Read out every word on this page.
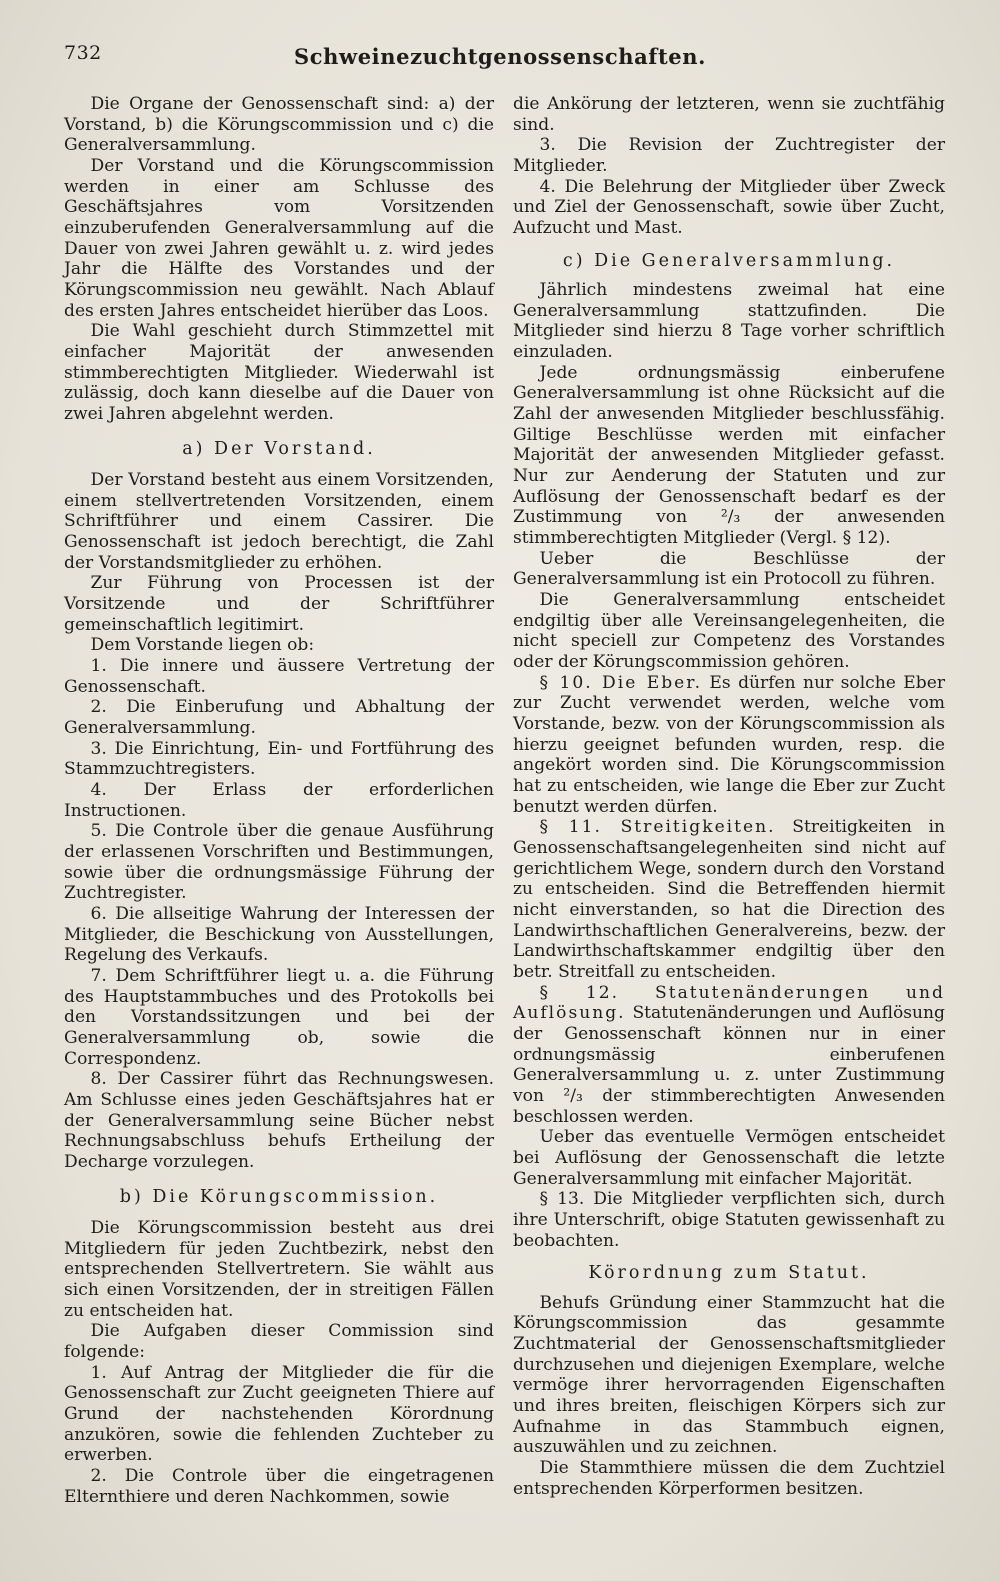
732	Schweinezuchtgenossenschaften.

Die Organe der Genossenschaft sind: a) der Vorstand, b) die Körungscommission und c) die Generalversammlung.

Der Vorstand und die Körungscommission werden in einer am Schlusse des Geschäftsjahres vom Vorsitzenden einzuberufenden Generalversammlung auf die Dauer von zwei Jahren gewählt u. z. wird jedes Jahr die Hälfte des Vorstandes und der Körungscommission neu gewählt. Nach Ablauf des ersten Jahres entscheidet hierüber das Loos.

Die Wahl geschieht durch Stimmzettel mit einfacher Majorität der anwesenden stimmberechtigten Mitglieder. Wiederwahl ist zulässig, doch kann dieselbe auf die Dauer von zwei Jahren abgelehnt werden.

a) Der Vorstand.

Der Vorstand besteht aus einem Vorsitzenden, einem stellvertretenden Vorsitzenden, einem Schriftführer und einem Cassirer. Die Genossenschaft ist jedoch berechtigt, die Zahl der Vorstandsmitglieder zu erhöhen.

Zur Führung von Processen ist der Vorsitzende und der Schriftführer gemeinschaftlich legitimirt.

Dem Vorstande liegen ob:

1. Die innere und äussere Vertretung der Genossenschaft.

2. Die Einberufung und Abhaltung der Generalversammlung.

3. Die Einrichtung, Ein- und Fortführung des Stammzuchtregisters.

4. Der Erlass der erforderlichen Instructionen.

5. Die Controle über die genaue Ausführung der erlassenen Vorschriften und Bestimmungen, sowie über die ordnungsmässige Führung der Zuchtregister.

6. Die allseitige Wahrung der Interessen der Mitglieder, die Beschickung von Ausstellungen, Regelung des Verkaufs.

7. Dem Schriftführer liegt u. a. die Führung des Hauptstammbuches und des Protokolls bei den Vorstandssitzungen und bei der Generalversammlung ob, sowie die Correspondenz.

8. Der Cassirer führt das Rechnungswesen. Am Schlusse eines jeden Geschäftsjahres hat er der Generalversammlung seine Bücher nebst Rechnungsabschluss behufs Ertheilung der Decharge vorzulegen.

b) Die Körungscommission.

Die Körungscommission besteht aus drei Mitgliedern für jeden Zuchtbezirk, nebst den entsprechenden Stellvertretern. Sie wählt aus sich einen Vorsitzenden, der in streitigen Fällen zu entscheiden hat.

Die Aufgaben dieser Commission sind folgende:

1. Auf Antrag der Mitglieder die für die Genossenschaft zur Zucht geeigneten Thiere auf Grund der nachstehenden Körordnung anzukören, sowie die fehlenden Zuchteber zu erwerben.

2. Die Controle über die eingetragenen Elternthiere und deren Nachkommen, sowie

die Ankörung der letzteren, wenn sie zuchtfähig sind.

3. Die Revision der Zuchtregister der Mitglieder.

4. Die Belehrung der Mitglieder über Zweck und Ziel der Genossenschaft, sowie über Zucht, Aufzucht und Mast.

c) Die Generalversammlung.

Jährlich mindestens zweimal hat eine Generalversammlung stattzufinden. Die Mitglieder sind hierzu 8 Tage vorher schriftlich einzuladen.

Jede ordnungsmässig einberufene Generalversammlung ist ohne Rücksicht auf die Zahl der anwesenden Mitglieder beschlussfähig. Giltige Beschlüsse werden mit einfacher Majorität der anwesenden Mitglieder gefasst. Nur zur Aenderung der Statuten und zur Auflösung der Genossenschaft bedarf es der Zustimmung von ²/₃ der anwesenden stimmberechtigten Mitglieder (Vergl. § 12).

Ueber die Beschlüsse der Generalversammlung ist ein Protocoll zu führen.

Die Generalversammlung entscheidet endgiltig über alle Vereinsangelegenheiten, die nicht speciell zur Competenz des Vorstandes oder der Körungscommission gehören.

§ 10. Die Eber. Es dürfen nur solche Eber zur Zucht verwendet werden, welche vom Vorstande, bezw. von der Körungscommission als hierzu geeignet befunden wurden, resp. die angekört worden sind. Die Körungscommission hat zu entscheiden, wie lange die Eber zur Zucht benutzt werden dürfen.

§ 11. Streitigkeiten. Streitigkeiten in Genossenschaftsangelegenheiten sind nicht auf gerichtlichem Wege, sondern durch den Vorstand zu entscheiden. Sind die Betreffenden hiermit nicht einverstanden, so hat die Direction des Landwirthschaftlichen Generalvereins, bezw. der Landwirthschaftskammer endgiltig über den betr. Streitfall zu entscheiden.

§ 12. Statutenänderungen und Auflösung. Statutenänderungen und Auflösung der Genossenschaft können nur in einer ordnungsmässig einberufenen Generalversammlung u. z. unter Zustimmung von ²/₃ der stimmberechtigten Anwesenden beschlossen werden.

Ueber das eventuelle Vermögen entscheidet bei Auflösung der Genossenschaft die letzte Generalversammlung mit einfacher Majorität.

§ 13. Die Mitglieder verpflichten sich, durch ihre Unterschrift, obige Statuten gewissenhaft zu beobachten.

Körordnung zum Statut.

Behufs Gründung einer Stammzucht hat die Körungscommission das gesammte Zuchtmaterial der Genossenschaftsmitglieder durchzusehen und diejenigen Exemplare, welche vermöge ihrer hervorragenden Eigenschaften und ihres breiten, fleischigen Körpers sich zur Aufnahme in das Stammbuch eignen, auszuwählen und zu zeichnen.

Die Stammthiere müssen die dem Zuchtziel entsprechenden Körperformen besitzen.
